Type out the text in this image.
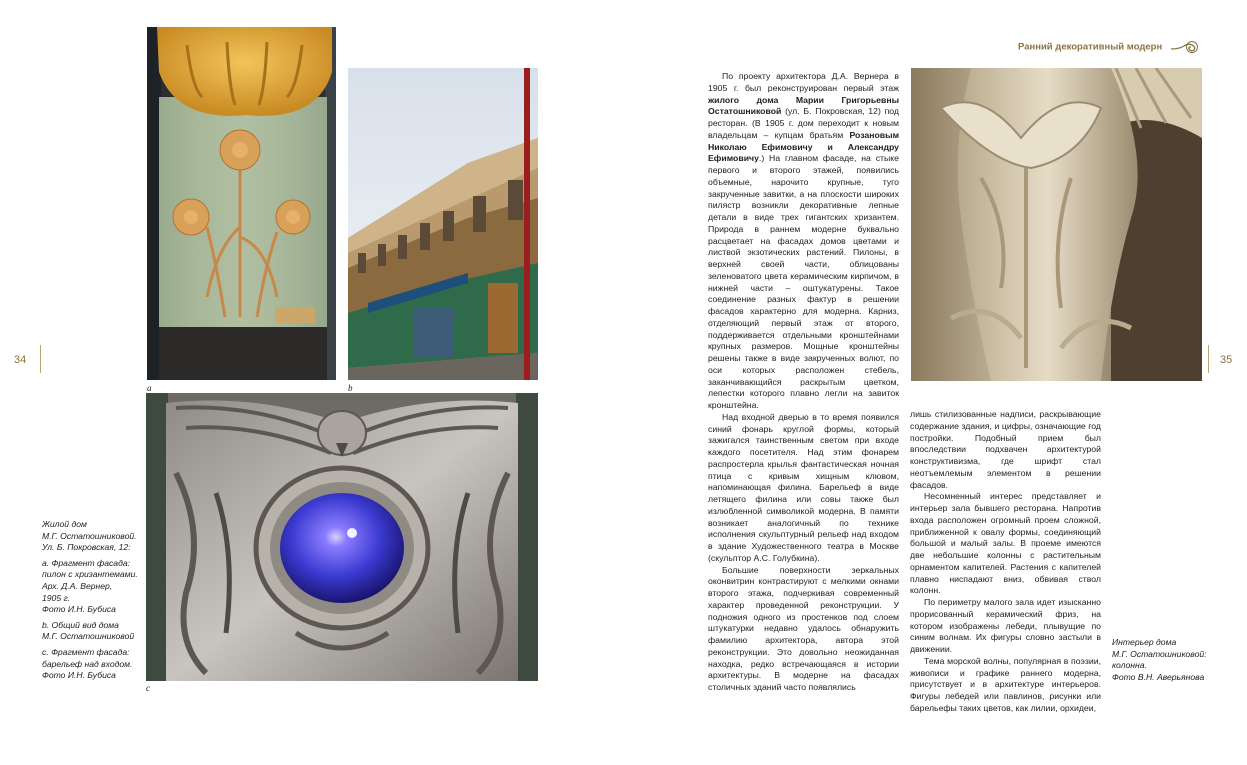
Ранний декоративный модерн
34	35
a	b
c

Жилой дом
М.Г. Остатошниковой.
Ул. Б. Покровская, 12:

а. Фрагмент фасада:
пилон с хризантемами.
Арх. Д.А. Вернер,
1905 г.
Фото И.Н. Бубиса

b. Общий вид дома
М.Г. Остатошниковой

c. Фрагмент фасада:
барельеф над входом.
Фото И.Н. Бубиса

По проекту архитектора Д.А. Вернера в 1905 г. был реконструирован первый этаж жилого дома Марии Григорьевны Остатошниковой (ул. Б. Покровская, 12) под ресторан. (В 1905 г. дом переходит к новым владельцам – купцам братьям Розановым Николаю Ефимовичу и Александру Ефимовичу.) На главном фасаде, на стыке первого и второго этажей, появились объемные, нарочито крупные, туго закрученные завитки, а на плоскости широких пилястр возникли декоративные лепные детали в виде трех гигантских хризантем. Природа в раннем модерне буквально расцветает на фасадах домов цветами и листвой экзотических растений. Пилоны, в верхней своей части, облицованы зеленоватого цвета керамическим кирпичом, в нижней части – оштукатурены. Такое соединение разных фактур в решении фасадов характерно для модерна. Карниз, отделяющий первый этаж от второго, поддерживается отдельными кронштейнами крупных размеров. Мощные кронштейны решены также в виде закрученных волют, по оси которых расположен стебель, заканчивающийся раскрытым цветком, лепестки которого плавно легли на завиток кронштейна.

Над входной дверью в то время появился синий фонарь круглой формы, который зажигался таинственным светом при входе каждого посетителя. Над этим фонарем распростерла крылья фантастическая ночная птица с кривым хищным клювом, напоминающая филина. Барельеф в виде летящего филина или совы также был излюбленной символикой модерна. В памяти возникает аналогичный по технике исполнения скульптурный рельеф над входом в здание Художественного театра в Москве (скульптор А.С. Голубкина).

Большие поверхности зеркальных оконвитрин контрастируют с мелкими окнами второго этажа, подчеркивая современный характер проведенной реконструкции. У подножия одного из простенков под слоем штукатурки недавно удалось обнаружить фамилию архитектора, автора этой реконструкции. Это довольно неожиданная находка, редко встречающаяся в истории архитектуры. В модерне на фасадах столичных зданий часто появлялись

лишь стилизованные надписи, раскрывающие содержание здания, и цифры, означающие год постройки. Подобный прием был впоследствии подхвачен архитектурой конструктивизма, где шрифт стал неотъемлемым элементом в решении фасадов.

Несомненный интерес представляет и интерьер зала бывшего ресторана. Напротив входа расположен огромный проем сложной, приближенной к овалу формы, соединяющий большой и малый залы. В проеме имеются две небольшие колонны с растительным орнаментом капителей. Растения с капителей плавно ниспадают вниз, обвивая ствол колонн.

По периметру малого зала идет изысканно прорисованный керамический фриз, на котором изображены лебеди, плывущие по синим волнам. Их фигуры словно застыли в движении.

Тема морской волны, популярная в поэзии, живописи и графике раннего модерна, присутствует и в архитектуре интерьеров. Фигуры лебедей или павлинов, рисунки или барельефы таких цветов, как лилии, орхидеи,

Интерьер дома
М.Г. Остатошниковой:
колонна.
Фото В.Н. Аверьянова
